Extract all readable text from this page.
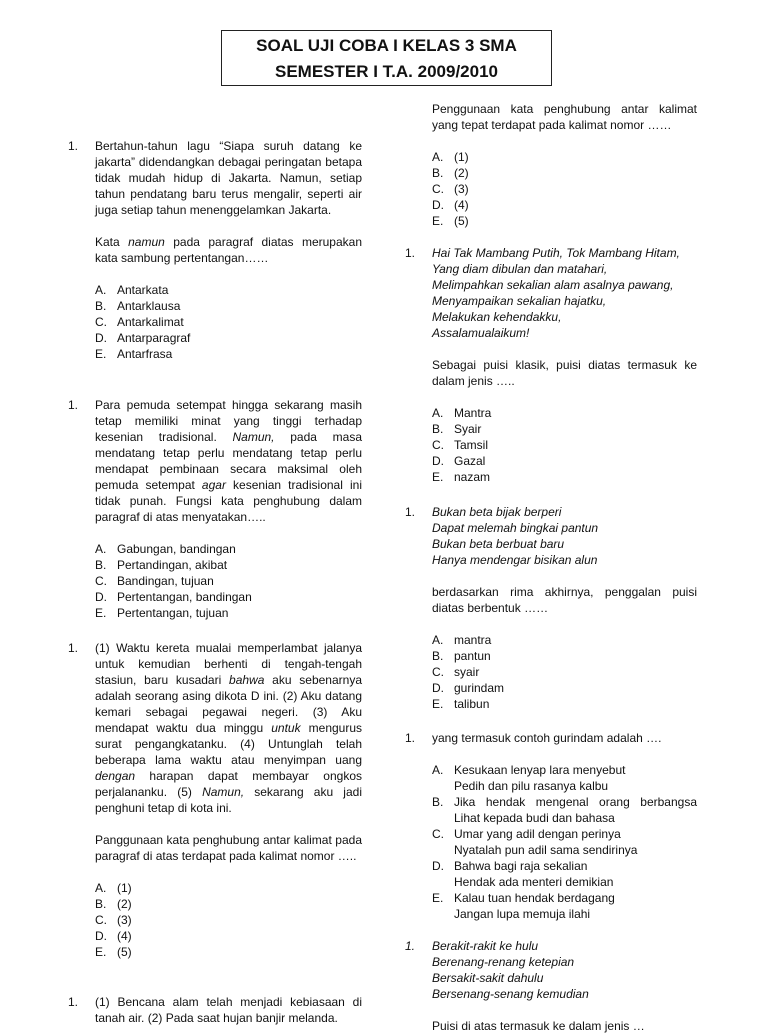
SOAL UJI COBA I KELAS 3 SMA
SEMESTER I T.A. 2009/2010
1. Bertahun-tahun lagu “Siapa suruh datang ke jakarta” didendangkan debagai peringatan betapa tidak mudah hidup di Jakarta. Namun, setiap tahun pendatang baru terus mengalir, seperti air juga setiap tahun menenggelamkan Jakarta.

Kata namun pada paragraf diatas merupakan kata sambung pertentangan……

A. Antarkata
B. Antarklausa
C. Antarkalimat
D. Antarparagraf
E. Antarfrasa
1. Para pemuda setempat hingga sekarang masih tetap memiliki minat yang tinggi terhadap kesenian tradisional. Namun, pada masa mendatang tetap perlu mendatang tetap perlu mendapat pembinaan secara maksimal oleh pemuda setempat agar kesenian tradisional ini tidak punah. Fungsi kata penghubung dalam paragraf di atas menyatakan…..

A. Gabungan, bandingan
B. Pertandingan, akibat
C. Bandingan, tujuan
D. Pertentangan, bandingan
E. Pertentangan, tujuan
1. (1) Waktu kereta mualai memperlambat jalanya untuk kemudian berhenti di tengah-tengah stasiun, baru kusadari bahwa aku sebenarnya adalah seorang asing dikota D ini. (2) Aku datang kemari sebagai pegawai negeri. (3) Aku mendapat waktu dua minggu untuk mengurus surat pengangkatanku. (4) Untunglah telah beberapa lama waktu atau menyimpan uang dengan harapan dapat membayar ongkos perjalananku. (5) Namun, sekarang aku jadi penghuni tetap di kota ini.

Panggunaan kata penghubung antar kalimat pada paragraf di atas terdapat pada kalimat nomor …..

A. (1)
B. (2)
C. (3)
D. (4)
E. (5)
1. (1) Bencana alam telah menjadi kebiasaan di tanah air. (2) Pada saat hujan banjir melanda.

Penggunaan kata penghubung antar kalimat yang tepat terdapat pada kalimat nomor ……

A. (1)
B. (2)
C. (3)
D. (4)
E. (5)
1. Hai Tak Mambang Putih, Tok Mambang Hitam,
Yang diam dibulan dan matahari,
Melimpahkan sekalian alam asalnya pawang,
Menyampaikan sekalian hajatku,
Melakukan kehendakku,
Assalamualaikum!

Sebagai puisi klasik, puisi diatas termasuk ke dalam jenis …..

A. Mantra
B. Syair
C. Tamsil
D. Gazal
E. nazam
1. Bukan beta bijak berperi
Dapat melemah bingkai pantun
Bukan beta berbuat baru
Hanya mendengar bisikan alun

berdasarkan rima akhirnya, penggalan puisi diatas berbentuk ……

A. mantra
B. pantun
C. syair
D. gurindam
E. talibun
1. yang termasuk contoh gurindam adalah ….

A. Kesukaan lenyap lara menyebut
Pedih dan pilu rasanya kalbu
B. Jika hendak mengenal orang berbangsa
Lihat kepada budi dan bahasa
C. Umar yang adil dengan perinya
Nyatalah pun adil sama sendirinya
D. Bahwa bagi raja sekalian
Hendak ada menteri demikian
E. Kalau tuan hendak berdagang
Jangan lupa memuja ilahi
1. Berakit-rakit ke hulu
Berenang-renang ketepian
Bersakit-sakit dahulu
Bersenang-senang kemudian

Puisi di atas termasuk ke dalam jenis …
